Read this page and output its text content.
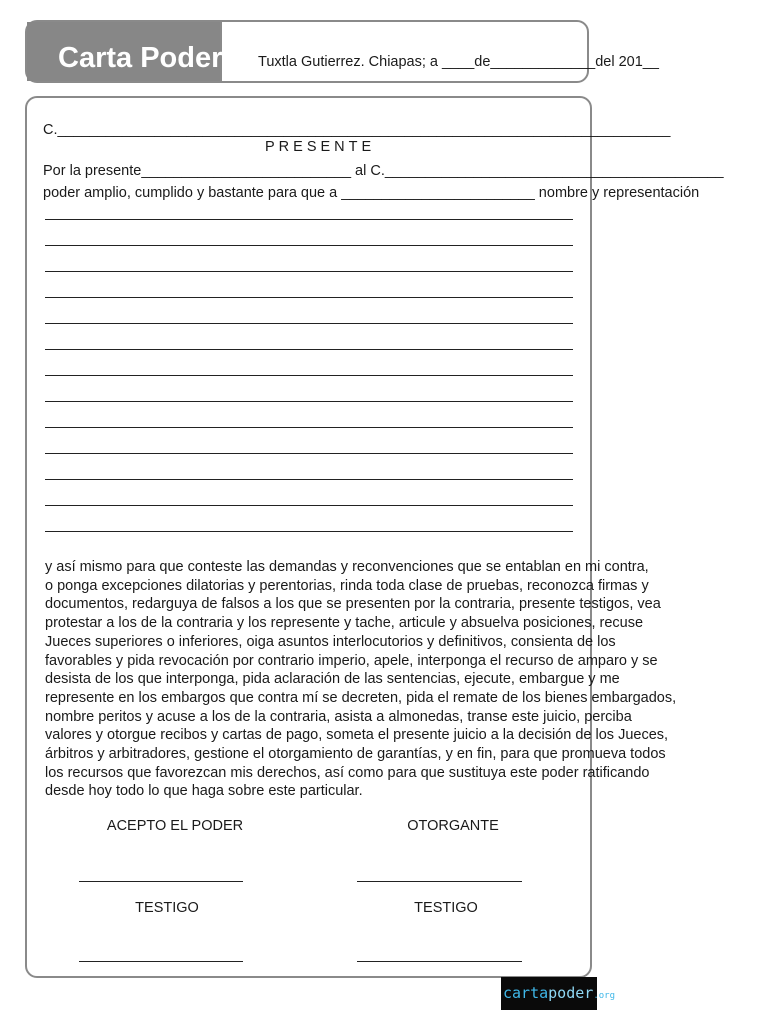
Carta Poder Tuxtla Gutierrez. Chiapas; a ____de_____________del 201__
C.____________________________________________________________________________
PRESENTE
Por la presente__________________________ al C.__________________________________________
poder amplio, cumplido y bastante para que a ________________________ nombre y representación
y así mismo para que conteste las demandas y reconvenciones que se entablan en mi contra,
o ponga excepciones dilatorias y perentorias, rinda toda clase de pruebas, reconozca firmas y
documentos, redarguya de falsos a los que se presenten por la contraria, presente testigos, vea
protestar a los de la contraria y los represente y tache, articule y absuelva posiciones, recuse
Jueces superiores o inferiores, oiga asuntos interlocutorios y definitivos, consienta de los
favorables y pida revocación por contrario imperio, apele, interponga el recurso de amparo y se
desista de los que interponga, pida aclaración de las sentencias, ejecute, embargue y me
represente en los embargos que contra mí se decreten, pida el remate de los bienes embargados,
nombre peritos y acuse a los de la contraria, asista a almonedas, transe este juicio, perciba
valores y otorgue recibos y cartas de pago, someta el presente juicio a la decisión de los Jueces,
árbitros y arbitradores, gestione el otorgamiento de garantías, y en fin, para que promueva todos
los recursos que favorezcan mis derechos, así como para que sustituya este poder ratificando
desde hoy todo lo que haga sobre este particular.
ACEPTO EL PODER	OTORGANTE
TESTIGO	TESTIGO
cartapoder.org
